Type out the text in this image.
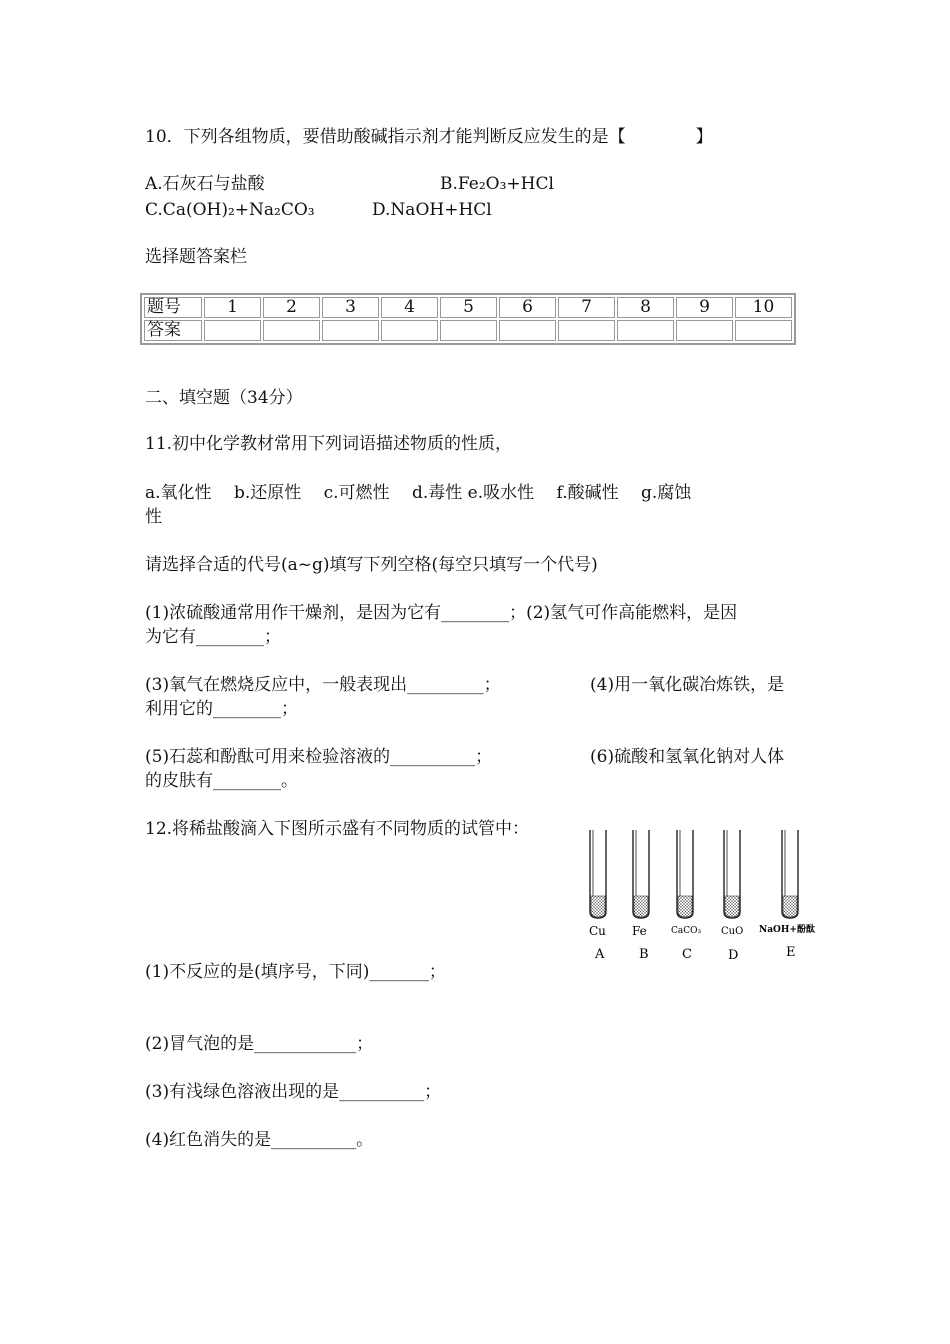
10．下列各组物质，要借助酸碱指示剂才能判断反应发生的是【	】
A.石灰石与盐酸	B.Fe₂O₃+HCl
C.Ca(OH)₂+Na₂CO₃	D.NaOH+HCl
选择题答案栏
题号	1	2	3	4	5	6	7	8	9	10
答案										
二、填空题（34分）
11.初中化学教材常用下列词语描述物质的性质，
a.氧化性　 b.还原性　 c.可燃性　 d.毒性 e.吸水性　 f.酸碱性　 g.腐蚀
性
请选择合适的代号(a~g)填写下列空格(每空只填写一个代号)
(1)浓硫酸通常用作干燥剂，是因为它有________；(2)氢气可作高能燃料，是因
为它有________；
(3)氧气在燃烧反应中，一般表现出_________；	(4)用一氧化碳冶炼铁，是
利用它的________；
(5)石蕊和酚酞可用来检验溶液的__________；	(6)硫酸和氢氧化钠对人体
的皮肤有________。
12.将稀盐酸滴入下图所示盛有不同物质的试管中：
Cu
A
Fe
B
CaCO₃
C
CuO
D
NaOH+酚酞
E
(1)不反应的是(填序号，下同)_______；
(2)冒气泡的是____________；
(3)有浅绿色溶液出现的是__________；
(4)红色消失的是__________。
